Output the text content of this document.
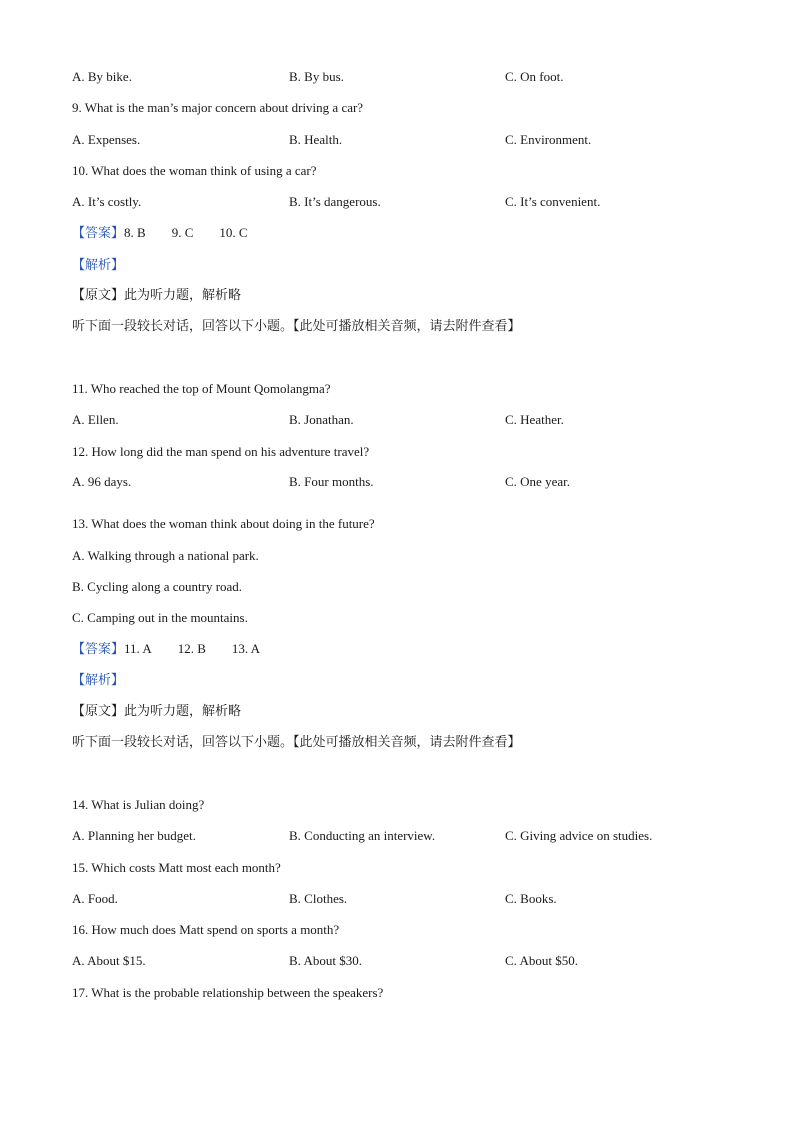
A. By bike.	B. By bus.	C. On foot.
9. What is the man’s major concern about driving a car?
A. Expenses.	B. Health.	C. Environment.
10. What does the woman think of using a car?
A. It’s costly.	B. It’s dangerous.	C. It’s convenient.
【答案】8. B 9. C 10. C
【解析】
【原文】此为听力题，解析略
听下面一段较长对话，回答以下小题。【此处可播放相关音频，请去附件查看】
11. Who reached the top of Mount Qomolangma?
A. Ellen.	B. Jonathan.	C. Heather.
12. How long did the man spend on his adventure travel?
A. 96 days.	B. Four months.	C. One year.
13. What does the woman think about doing in the future?
A. Walking through a national park.
B. Cycling along a country road.
C. Camping out in the mountains.
【答案】11. A 12. B 13. A
【解析】
【原文】此为听力题，解析略
听下面一段较长对话，回答以下小题。【此处可播放相关音频，请去附件查看】
14. What is Julian doing?
A. Planning her budget.	B. Conducting an interview.	C. Giving advice on studies.
15. Which costs Matt most each month?
A. Food.	B. Clothes.	C. Books.
16. How much does Matt spend on sports a month?
A. About $15.	B. About $30.	C. About $50.
17. What is the probable relationship between the speakers?
